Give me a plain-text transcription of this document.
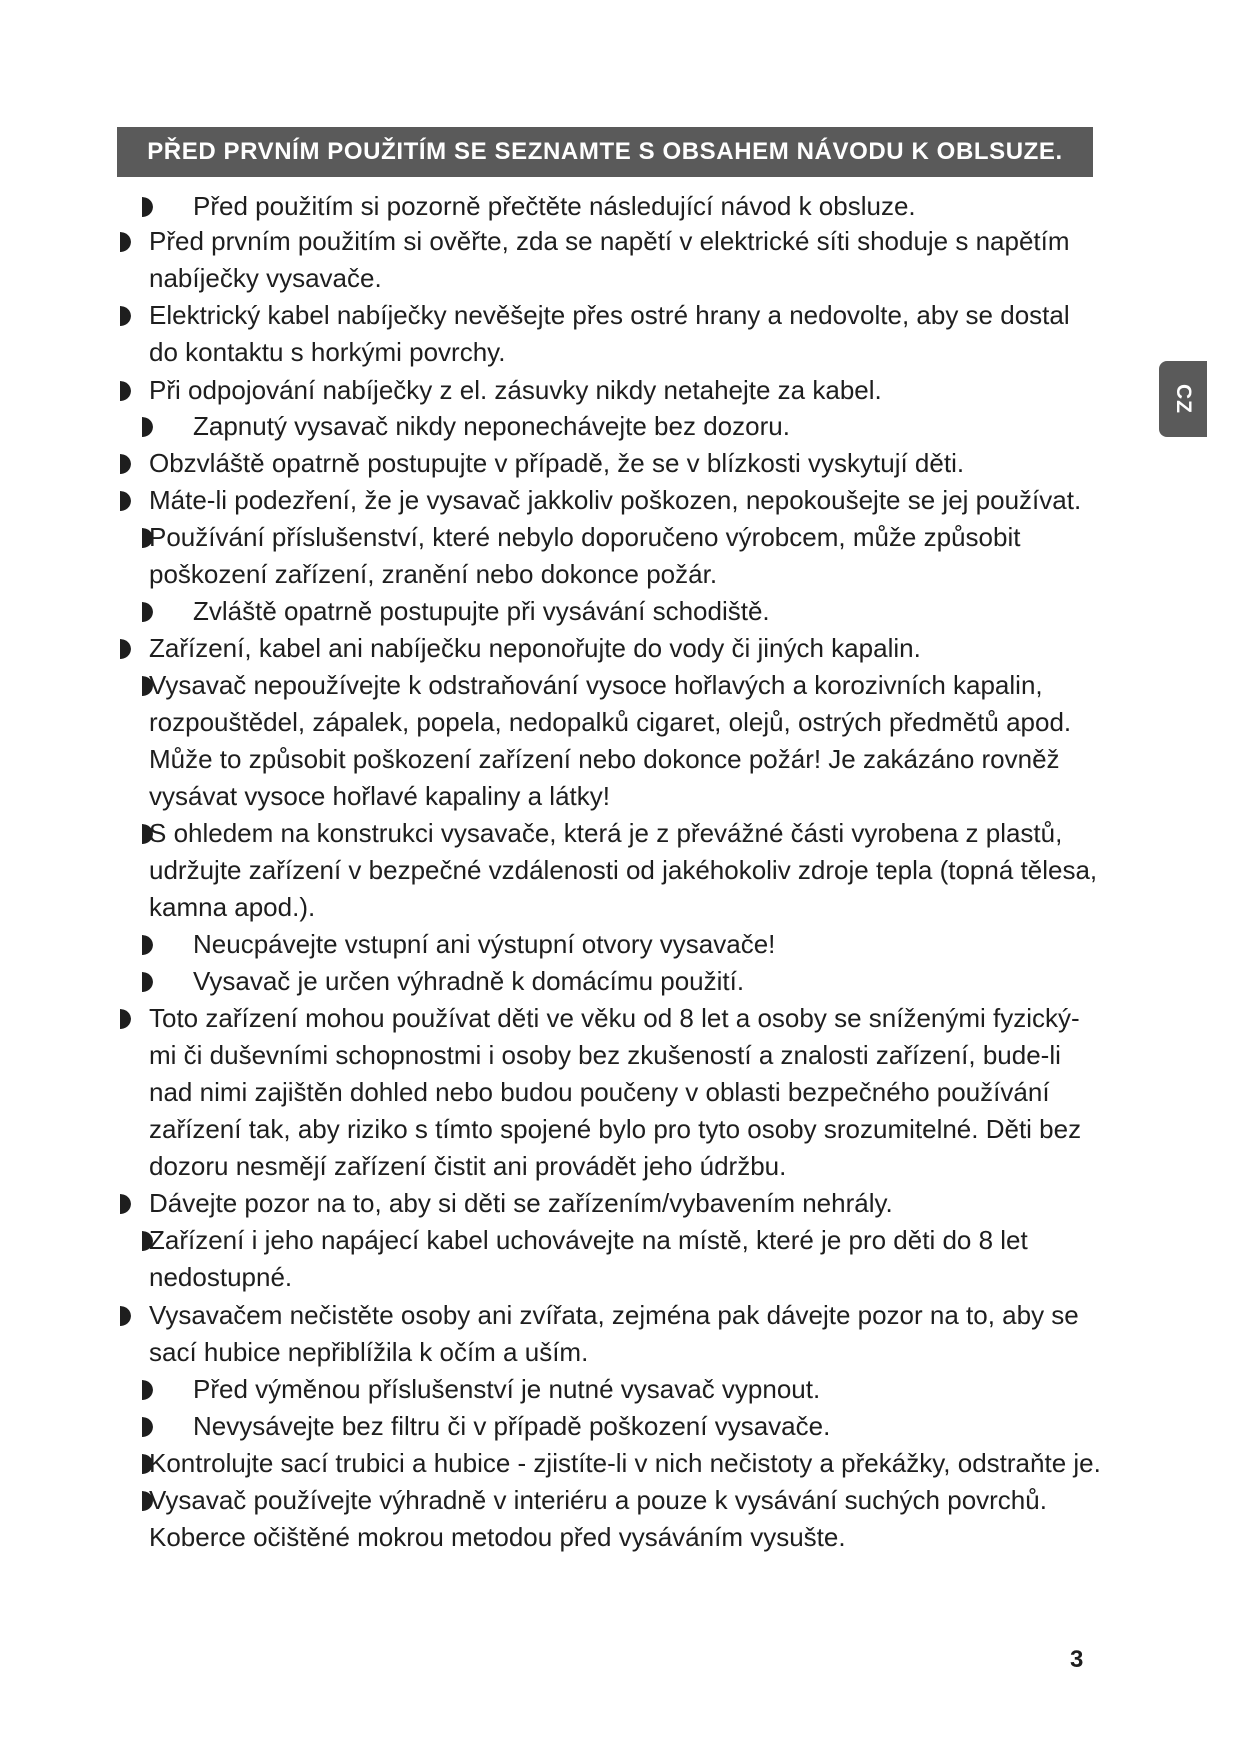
PŘED PRVNÍM POUŽITÍM SE SEZNAMTE S OBSAHEM NÁVODU K OBLSUZE.
CZ
Před použitím si pozorně přečtěte následující návod k obsluze.
Před prvním použitím si ověřte, zda se napětí v elektrické síti shoduje s napětím
nabíječky vysavače.
Elektrický kabel nabíječky nevěšejte přes ostré hrany a nedovolte, aby se dostal
do kontaktu s horkými povrchy.
Při odpojování nabíječky z el. zásuvky nikdy netahejte za kabel.
Zapnutý vysavač nikdy neponechávejte bez dozoru.
Obzvláště opatrně postupujte v případě, že se v blízkosti vyskytují děti.
Máte-li podezření, že je vysavač jakkoliv poškozen, nepokoušejte se jej používat.
Používání příslušenství, které nebylo doporučeno výrobcem, může způsobit
poškození zařízení, zranění nebo dokonce požár.
Zvláště opatrně postupujte při vysávání schodiště.
Zařízení, kabel ani nabíječku neponořujte do vody či jiných kapalin.
Vysavač nepoužívejte k odstraňování vysoce hořlavých a korozivních kapalin,
rozpouštědel, zápalek, popela, nedopalků cigaret, olejů, ostrých předmětů apod.
Může to způsobit poškození zařízení nebo dokonce požár! Je zakázáno rovněž
vysávat vysoce hořlavé kapaliny a látky!
S ohledem na konstrukci vysavače, která je z převážné části vyrobena z plastů,
udržujte zařízení v bezpečné vzdálenosti od jakéhokoliv zdroje tepla (topná tělesa,
kamna apod.).
Neucpávejte vstupní ani výstupní otvory vysavače!
Vysavač je určen výhradně k domácímu použití.
Toto zařízení mohou používat děti ve věku od 8 let a osoby se sníženými fyzický-
mi či duševními schopnostmi i osoby bez zkušeností a znalosti zařízení, bude-li
nad nimi zajištěn dohled nebo budou poučeny v oblasti bezpečného používání
zařízení tak, aby riziko s tímto spojené bylo pro tyto osoby srozumitelné. Děti bez
dozoru nesmějí zařízení čistit ani provádět jeho údržbu.
Dávejte pozor na to, aby si děti se zařízením/vybavením nehrály.
Zařízení i jeho napájecí kabel uchovávejte na místě, které je pro děti do 8 let
nedostupné.
Vysavačem nečistěte osoby ani zvířata, zejména pak dávejte pozor na to, aby se
sací hubice nepřiblížila k očím a uším.
Před výměnou příslušenství je nutné vysavač vypnout.
Nevysávejte bez filtru či v případě poškození vysavače.
Kontrolujte sací trubici a hubice - zjistíte-li v nich nečistoty a překážky, odstraňte je.
Vysavač používejte výhradně v interiéru a pouze k vysávání suchých povrchů.
Koberce očištěné mokrou metodou před vysáváním vysušte.
3
